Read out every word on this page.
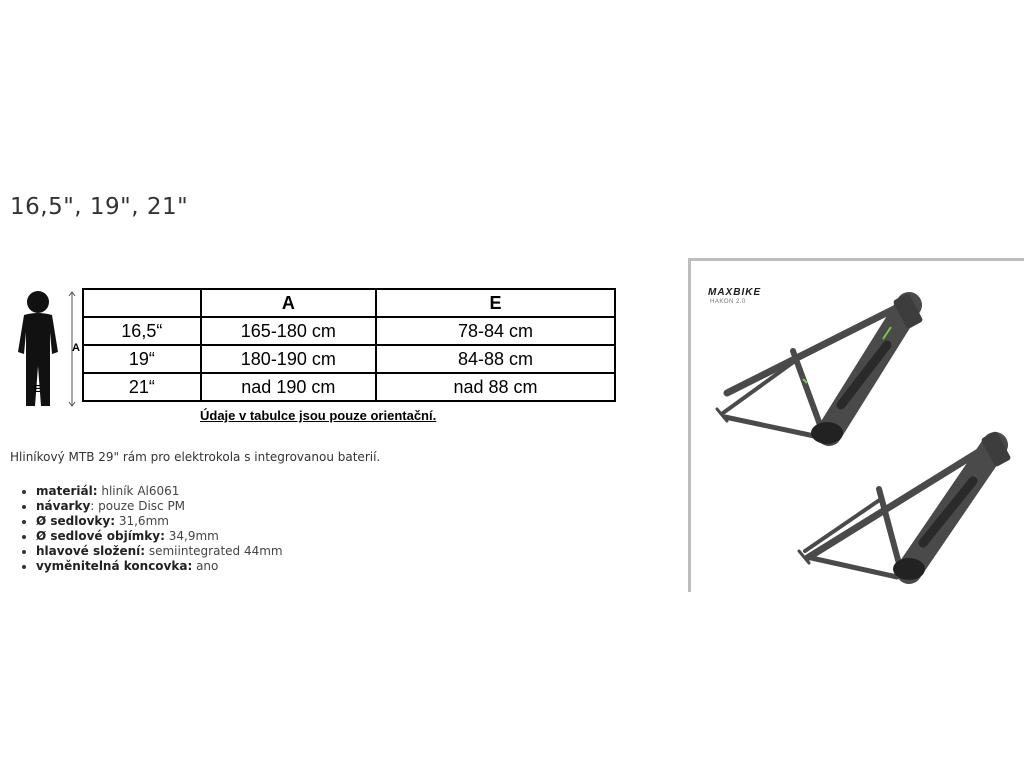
16,5", 19", 21"
A
E
	A	E
16,5“	165-180 cm	78-84 cm
19“	180-190 cm	84-88 cm
21“	nad 190 cm	nad 88 cm
Údaje v tabulce jsou pouze orientační.
Hliníkový MTB 29" rám pro elektrokola s integrovanou baterií.
• materiál: hliník Al6061
• návarky: pouze Disc PM
• Ø sedlovky: 31,6mm
• Ø sedlové objímky: 34,9mm
• hlavové složení: semiintegrated 44mm
• vyměnitelná koncovka: ano
MAXBIKE
HAKON 2.0
